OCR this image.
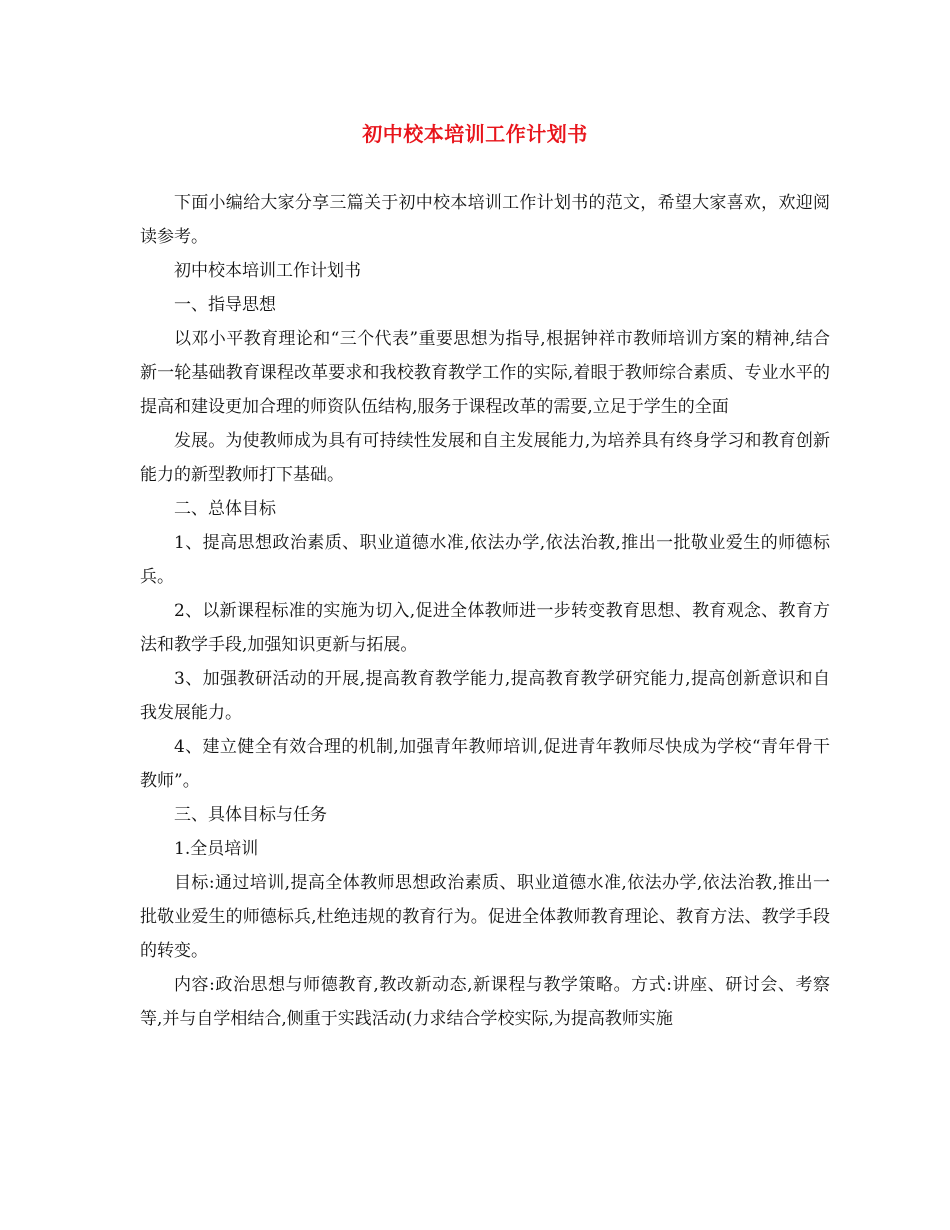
初中校本培训工作计划书

下面小编给大家分享三篇关于初中校本培训工作计划书的范文，希望大家喜欢，欢迎阅读参考。

初中校本培训工作计划书

一、指导思想

以邓小平教育理论和“三个代表”重要思想为指导,根据钟祥市教师培训方案的精神,结合新一轮基础教育课程改革要求和我校教育教学工作的实际,着眼于教师综合素质、专业水平的提高和建设更加合理的师资队伍结构,服务于课程改革的需要,立足于学生的全面

发展。为使教师成为具有可持续性发展和自主发展能力,为培养具有终身学习和教育创新能力的新型教师打下基础。

二、总体目标

1、提高思想政治素质、职业道德水准,依法办学,依法治教,推出一批敬业爱生的师德标兵。

2、以新课程标准的实施为切入,促进全体教师进一步转变教育思想、教育观念、教育方法和教学手段,加强知识更新与拓展。

3、加强教研活动的开展,提高教育教学能力,提高教育教学研究能力,提高创新意识和自我发展能力。

4、建立健全有效合理的机制,加强青年教师培训,促进青年教师尽快成为学校“青年骨干教师”。

三、具体目标与任务

1.全员培训

目标:通过培训,提高全体教师思想政治素质、职业道德水准,依法办学,依法治教,推出一批敬业爱生的师德标兵,杜绝违规的教育行为。促进全体教师教育理论、教育方法、教学手段的转变。

内容:政治思想与师德教育,教改新动态,新课程与教学策略。方式:讲座、研讨会、考察等,并与自学相结合,侧重于实践活动(力求结合学校实际,为提高教师实施
